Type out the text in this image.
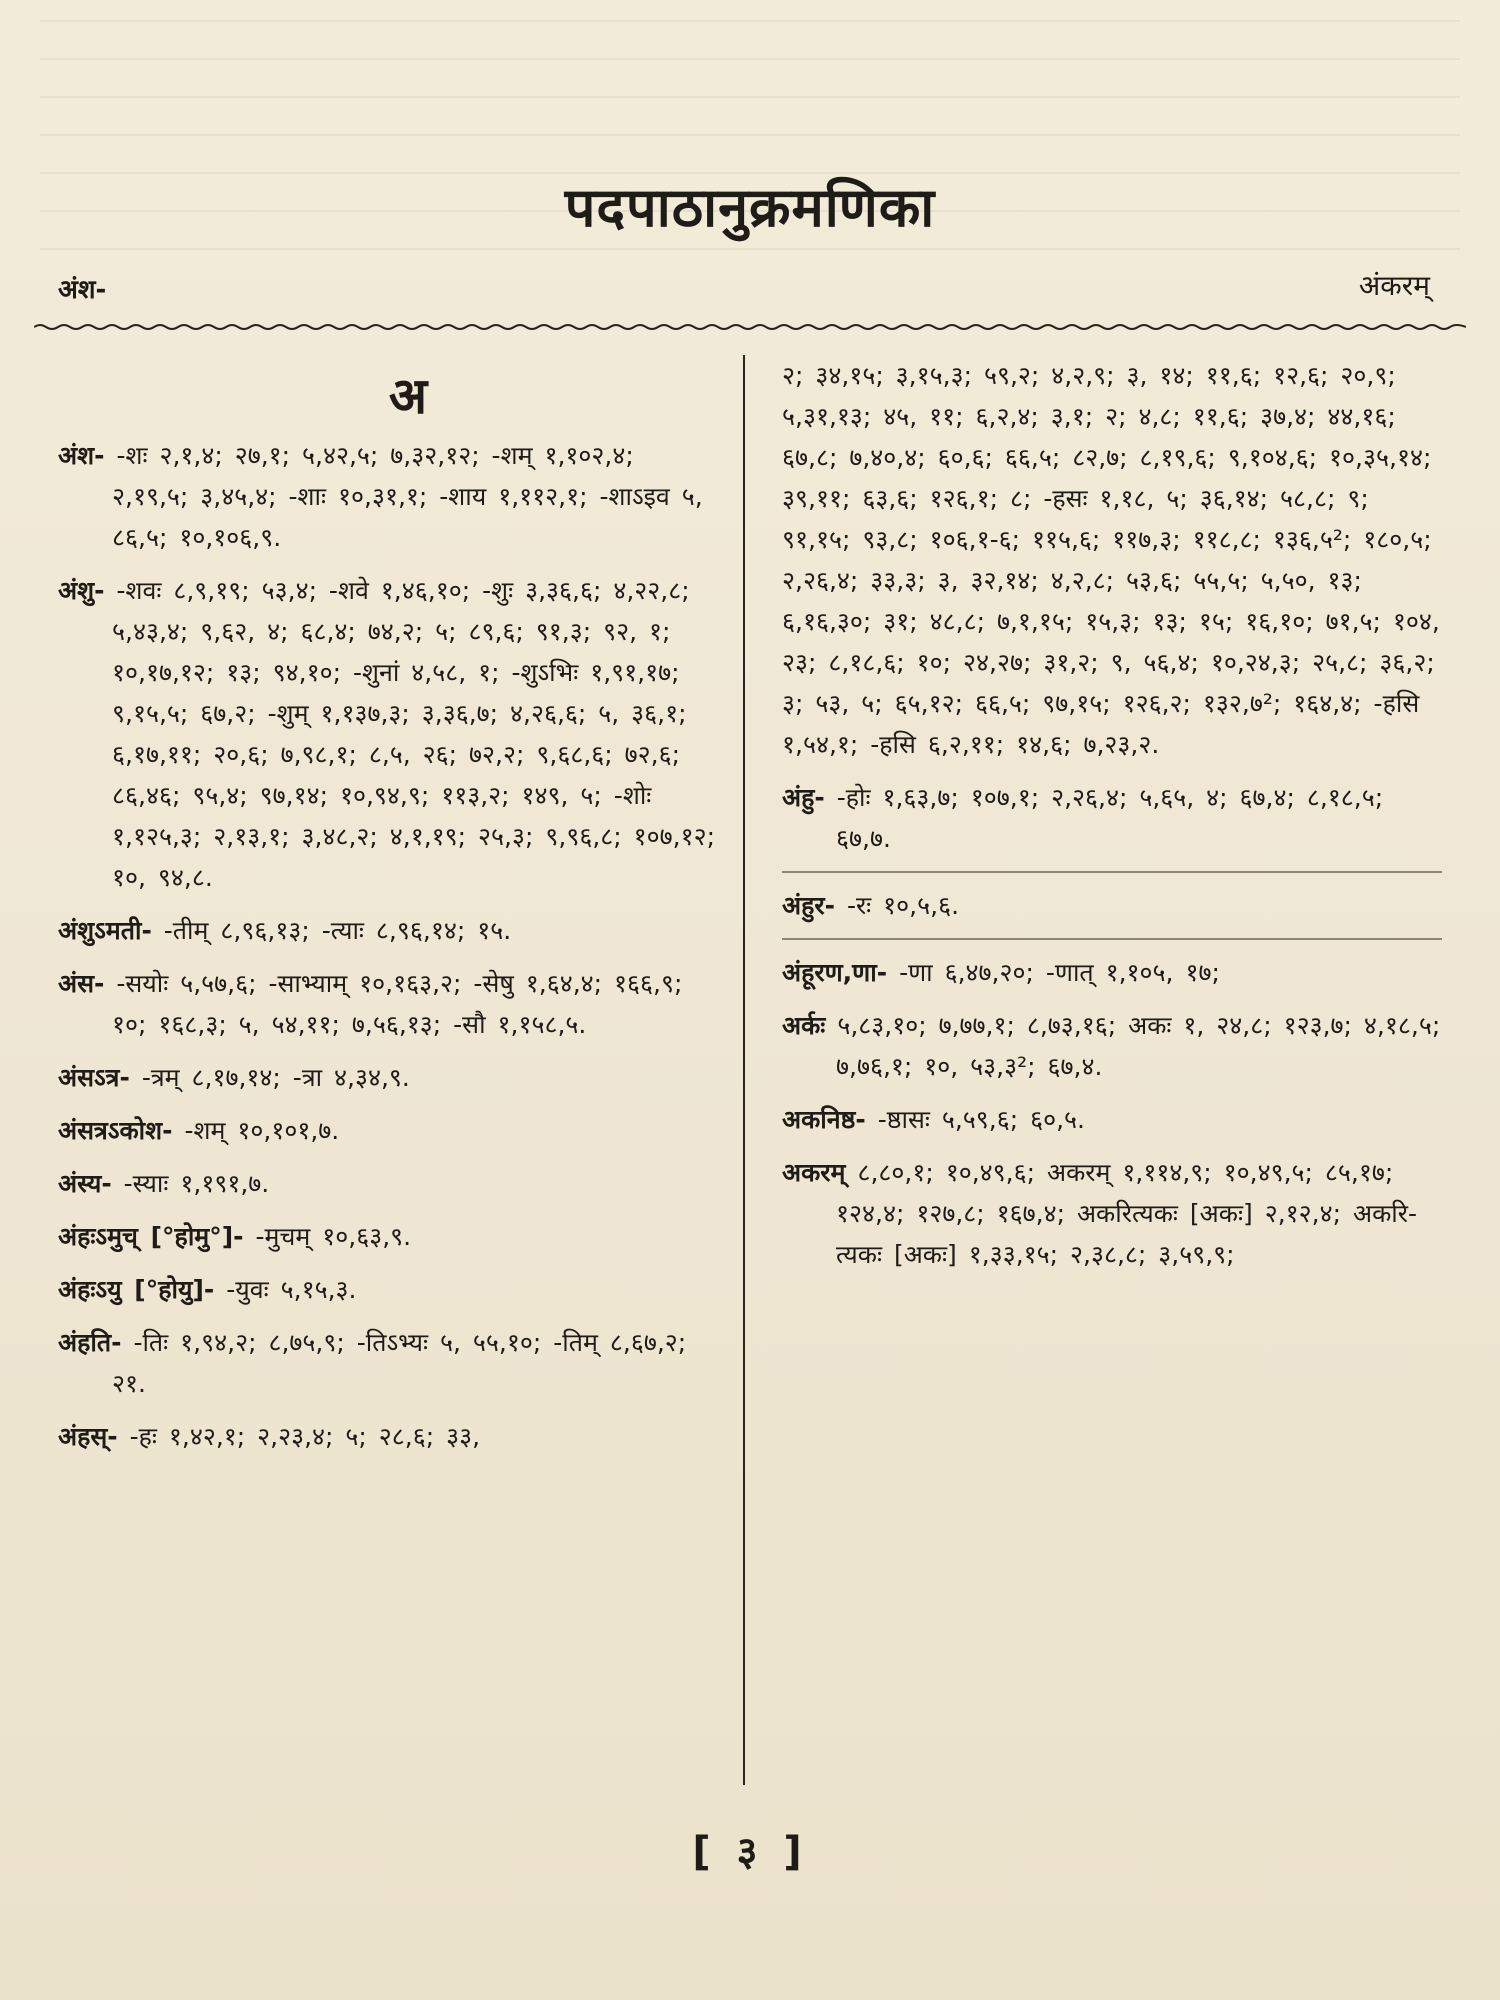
पदपाठानुक्रमणिका
अंश-	अंकरम्
अ
अंश- -शः २,१,४; २७,१; ५,४२,५; ७,३२,१२; -शम् १,१०२,४; २,१९,५; ३,४५,४; -शाः १०,३१,१; -शाय १,११२,१; -शाऽइव ५, ८६,५; १०,१०६,९.
अंशु- -शवः ८,९,१९; ५३,४; -शवे १,४६,१०; -शुः ३,३६,६; ४,२२,८; ५,४३,४; ९,६२, ४; ६८,४; ७४,२; ५; ८९,६; ९१,३; ९२, १; १०,१७,१२; १३; ९४,१०; -शुनां ४,५८, १; -शुऽभिः १,९१,१७; ९,१५,५; ६७,२; -शुम् १,१३७,३; ३,३६,७; ४,२६,६; ५, ३६,१; ६,१७,११; २०,६; ७,९८,१; ८,५, २६; ७२,२; ९,६८,६; ७२,६; ८६,४६; ९५,४; ९७,१४; १०,९४,९; ११३,२; १४९, ५; -शोः १,१२५,३; २,१३,१; ३,४८,२; ४,१,१९; २५,३; ९,९६,८; १०७,१२; १०, ९४,८.
अंशुऽमती- -तीम् ८,९६,१३; -त्याः ८,९६,१४; १५.
अंस- -सयोः ५,५७,६; -साभ्याम् १०,१६३,२; -सेषु १,६४,४; १६६,९; १०; १६८,३; ५, ५४,११; ७,५६,१३; -सौ १,१५८,५.
अंसऽत्र- -त्रम् ८,१७,१४; -त्रा ४,३४,९.
अंसत्रऽकोश- -शम् १०,१०१,७.
अंस्य- -स्याः १,१९१,७.
अंहःऽमुच् [°होमु°]- -मुचम् १०,६३,९.
अंहःऽयु [°होयु]- -युवः ५,१५,३.
अंहति- -तिः १,९४,२; ८,७५,९; -तिऽभ्यः ५, ५५,१०; -तिम् ८,६७,२; २१.
अंहस्- -हः १,४२,१; २,२३,४; ५; २८,६; ३३,
२; ३४,१५; ३,१५,३; ५९,२; ४,२,९; ३, १४; ११,६; १२,६; २०,९; ५,३१,१३; ४५, ११; ६,२,४; ३,१; २; ४,८; ११,६; ३७,४; ४४,१६; ६७,८; ७,४०,४; ६०,६; ६६,५; ८२,७; ८,१९,६; ९,१०४,६; १०,३५,१४; ३९,११; ६३,६; १२६,१; ८; -हसः १,१८, ५; ३६,१४; ५८,८; ९; ९१,१५; ९३,८; १०६,१-६; ११५,६; ११७,३; ११८,८; १३६,५²; १८०,५; २,२६,४; ३३,३; ३, ३२,१४; ४,२,८; ५३,६; ५५,५; ५,५०, १३; ६,१६,३०; ३१; ४८,८; ७,१,१५; १५,३; १३; १५; १६,१०; ७१,५; १०४, २३; ८,१८,६; १०; २४,२७; ३१,२; ९, ५६,४; १०,२४,३; २५,८; ३६,२; ३; ५३, ५; ६५,१२; ६६,५; ९७,१५; १२६,२; १३२,७²; १६४,४; -हसि १,५४,१; -हसि ६,२,११; १४,६; ७,२३,२.
अंहु- -होः १,६३,७; १०७,१; २,२६,४; ५,६५, ४; ६७,४; ८,१८,५; ६७,७.
अंहुर- -रः १०,५,६.
अंहूरण,णा- -णा ६,४७,२०; -णात् १,१०५, १७;
अर्कः ५,८३,१०; ७,७७,१; ८,७३,१६; अकः १, २४,८; १२३,७; ४,१८,५; ७,७६,१; १०, ५३,३²; ६७,४.
अकनिष्ठ- -ष्ठासः ५,५९,६; ६०,५.
अकरम् ८,८०,१; १०,४९,६; अकरम् १,११४,९; १०,४९,५; ८५,१७; १२४,४; १२७,८; १६७,४; अकरित्यकः [अकः] २,१२,४; अकरि- त्यकः [अकः] १,३३,१५; २,३८,८; ३,५९,९;
[ ३ ]
